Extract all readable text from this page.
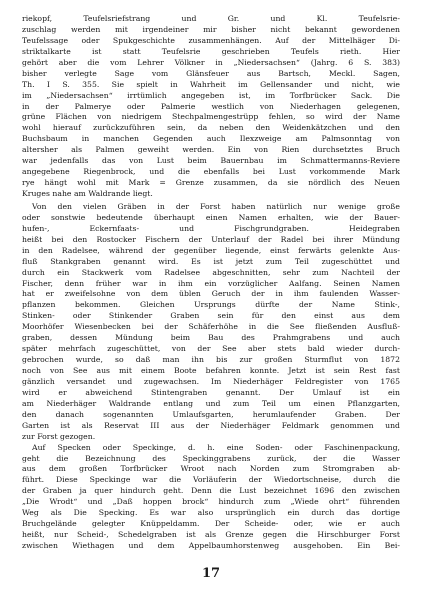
riekopf, Teufelsriefstrang und Gr. und Kl. Teufelsrie-
zuschlag werden mit irgendeiner mir bisher nicht bekannt gewordenen
Teufelssage oder Spukgeschichte zusammenhängen. Auf der Mittelhäger Di-
striktalkarte ist statt Teufelsrie geschrieben Teufels rieth. Hier
gehört aber die vom Lehrer Völkner in „Niedersachsen“ (Jahrg. 6 S. 383)
bisher verlegte Sage vom Glänsfeuer aus Bartsch, Meckl. Sagen,
Th. I S. 355. Sie spielt in Wahrheit im Gellensander und nicht, wie
im „Niedersachsen“ irrtümlich angegeben ist, im Torfbrücker Sack. Die
in der Palmerye oder Palmerie westlich von Niederhagen gelegenen,
grüne Flächen von niedrigem Stechpalmengestrüpp fehlen, so wird der Name
wohl hierauf zurückzuführen sein, da neben den Weidenkätzchen und den
Buchsbaum in manchen Gegenden auch Ilexzweige am Palmsonntag von
altersher als Palmen geweiht werden. Ein von Rien durchsetztes Bruch
war jedenfalls das von Lust beim Bauernbau im Schmattermanns-Reviere
angegebene Riegenbrock, und die ebenfalls bei Lust vorkommende Mark
rye hängt wohl mit Mark = Grenze zusammen, da sie nördlich des Neuen
Kruges nahe am Waldrande liegt.
Von den vielen Gräben in der Forst haben natürlich nur wenige große
oder sonstwie bedeutende überhaupt einen Namen erhalten, wie der Bauer-
hufen-, Eckernfaats- und Fischgrundgraben. Heidegraben
heißt bei den Rostocker Fischern der Unterlauf der Radel bei ihrer Mündung
in den Radelsee, während der gegenüber liegende, einst ferwärts gelenkte Aus-
fluß Stankgraben genannt wird. Es ist jetzt zum Teil zugeschüttet und
durch ein Stackwerk vom Radelsee abgeschnitten, sehr zum Nachteil der
Fischer, denn früher war in ihm ein vorzüglicher Aalfang. Seinen Namen
hat er zweifelsohne von dem üblen Geruch der in ihm faulenden Wasser-
pflanzen bekommen. Gleichen Ursprungs dürfte der Name Stink-,
Stinken- oder Stinkender Graben sein für den einst aus dem
Moorhöfer Wiesenbecken bei der Schäferhöhe in die See fließenden Ausfluß-
graben, dessen Mündung beim Bau des Prahmgrabens und auch
später mehrfach zugeschüttet, von der See aber stets bald wieder durch-
gebrochen wurde, so daß man ihn bis zur großen Sturmflut von 1872
noch von See aus mit einem Boote befahren konnte. Jetzt ist sein Rest fast
gänzlich versandet und zugewachsen. Im Niederhäger Feldregister von 1765
wird er abweichend Stintengraben genannt. Der Umlauf ist ein
am Niederhäger Waldrande entlang und zum Teil um einen Pflanzgarten,
den danach sogenannten Umlaufsgarten, herumlaufender Graben. Der
Garten ist als Reservat III aus der Niederhäger Feldmark genommen und
zur Forst gezogen.
Auf Specken oder Speckinge, d. h. eine Soden- oder Faschinenpackung,
geht die Bezeichnung des Speckinggrabens zurück, der die Wasser
aus dem großen Torfbrücker Wroot nach Norden zum Stromgraben ab-
führt. Diese Speckinge war die Vorläuferin der Wiedortschneise, durch die
der Graben ja quer hindurch geht. Denn die Lust bezeichnet 1696 den zwischen
„Die Wrodt“ und „Daß hoppen brock“ hindurch zum „Wiede ohrt“ führenden
Weg als Die Specking. Es war also ursprünglich ein durch das dortige
Bruchgelände gelegter Knüppeldamm. Der Scheide- oder, wie er auch
heißt, nur Scheid-, Schedelgraben ist als Grenze gegen die Hirschburger Forst
zwischen Wiethagen und dem Appelbaumhorstenweg ausgehoben. Ein Bei-
17
